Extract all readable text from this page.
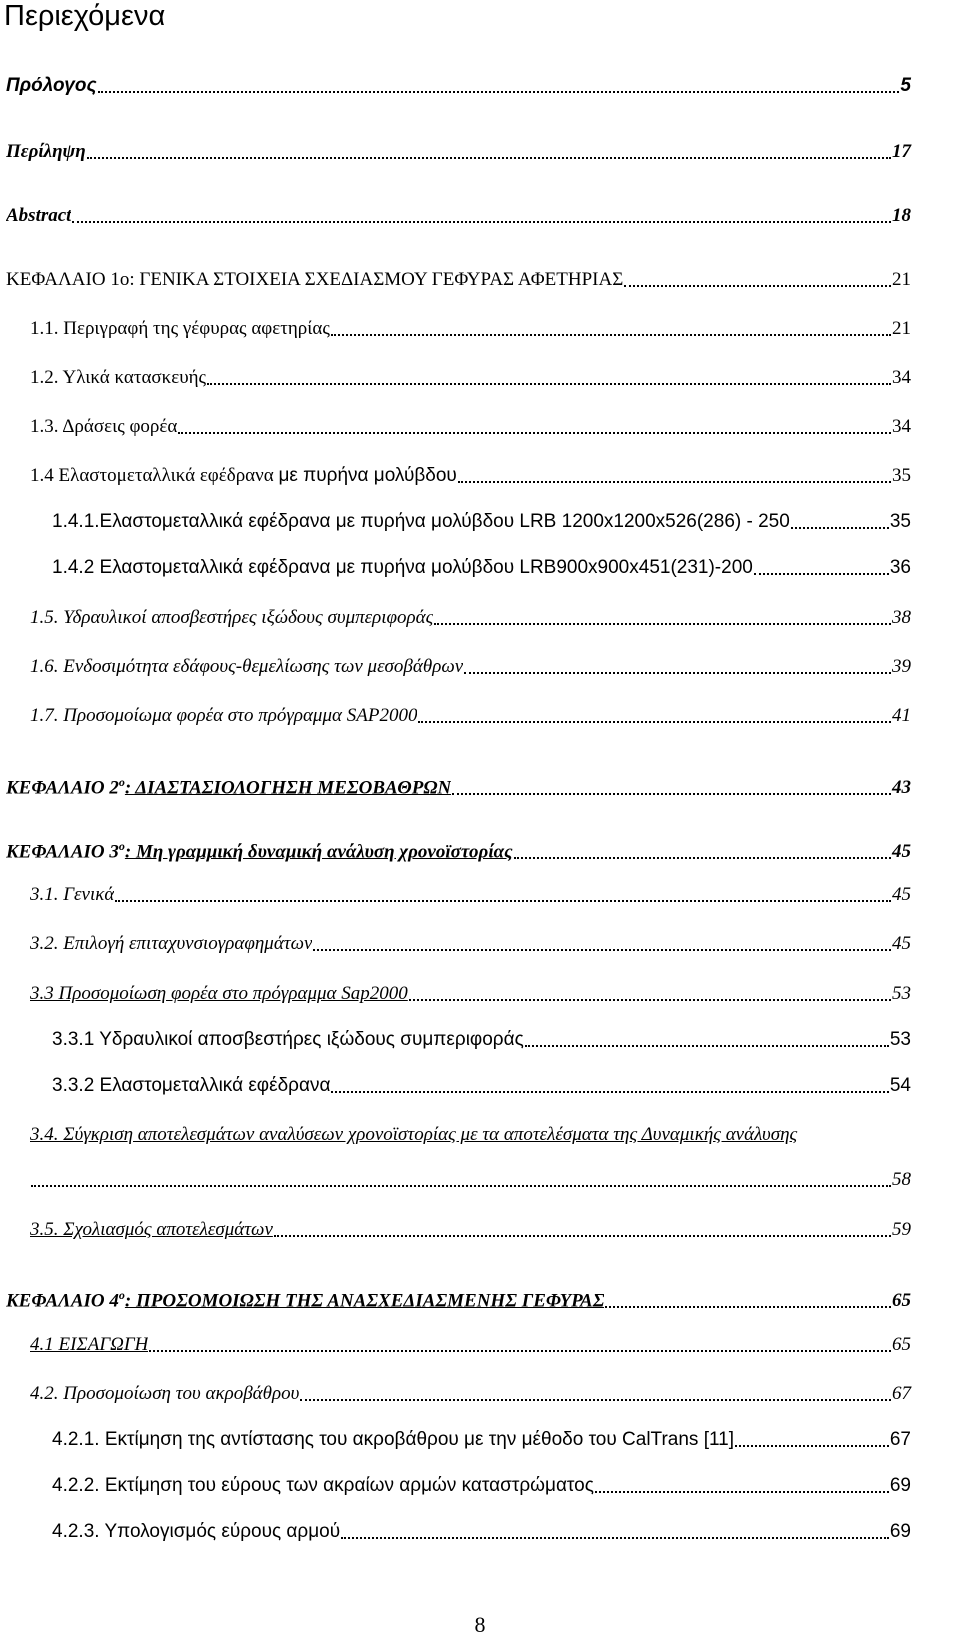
Περιεχόμενα
Πρόλογος	5
Περίληψη	17
Abstract	18
ΚΕΦΑΛΑΙΟ 1ο: ΓΕΝΙΚΑ ΣΤΟΙΧΕΙΑ ΣΧΕΔΙΑΣΜΟΥ ΓΕΦΥΡΑΣ ΑΦΕΤΗΡΙΑΣ	21
1.1. Περιγραφή της γέφυρας αφετηρίας	21
1.2. Υλικά κατασκευής	34
1.3. Δράσεις φορέα	34
1.4 Ελαστομεταλλικά εφέδρανα με πυρήνα μολύβδου	35
1.4.1.Ελαστομεταλλικά εφέδρανα με πυρήνα μολύβδου LRB 1200x1200x526(286) - 250	35
1.4.2 Ελαστομεταλλικά εφέδρανα με πυρήνα μολύβδου LRB900x900x451(231)-200	36
1.5. Υδραυλικοί αποσβεστήρες ιξώδους συμπεριφοράς	38
1.6. Ενδοσιμότητα εδάφους-θεμελίωσης των μεσοβάθρων	39
1.7. Προσομοίωμα φορέα στο πρόγραμμα SAP2000	41
ΚΕΦΑΛΑΙΟ $2^o$: ΔΙΑΣΤΑΣΙΟΛΟΓΗΣΗ ΜΕΣΟΒΑΘΡΩΝ	43
ΚΕΦΑΛΑΙΟ $3^o$: Μη γραμμική δυναμική ανάλυση χρονοϊστορίας	45
3.1. Γενικά	45
3.2. Επιλογή επιταχυνσιογραφημάτων	45
3.3 Προσομοίωση φορέα στο πρόγραμμα Sap2000	53
3.3.1 Υδραυλικοί αποσβεστήρες ιξώδους συμπεριφοράς	53
3.3.2 Ελαστομεταλλικά εφέδρανα	54
3.4. Σύγκριση αποτελεσμάτων αναλύσεων χρονοϊστορίας με τα αποτελέσματα της Δυναμικής ανάλυσης
58
3.5. Σχολιασμός αποτελεσμάτων	59
ΚΕΦΑΛΑΙΟ $4^o$: ΠΡΟΣΟΜΟΙΩΣΗ ΤΗΣ ΑΝΑΣΧΕΔΙΑΣΜΕΝΗΣ ΓΕΦΥΡΑΣ	65
4.1 ΕΙΣΑΓΩΓΗ	65
4.2. Προσομοίωση του ακροβάθρου	67
4.2.1. Εκτίμηση της αντίστασης του ακροβάθρου με την μέθοδο του CalTrans [11]	67
4.2.2. Εκτίμηση του εύρους των ακραίων αρμών καταστρώματος	69
4.2.3. Υπολογισμός εύρους αρμού	69
8
